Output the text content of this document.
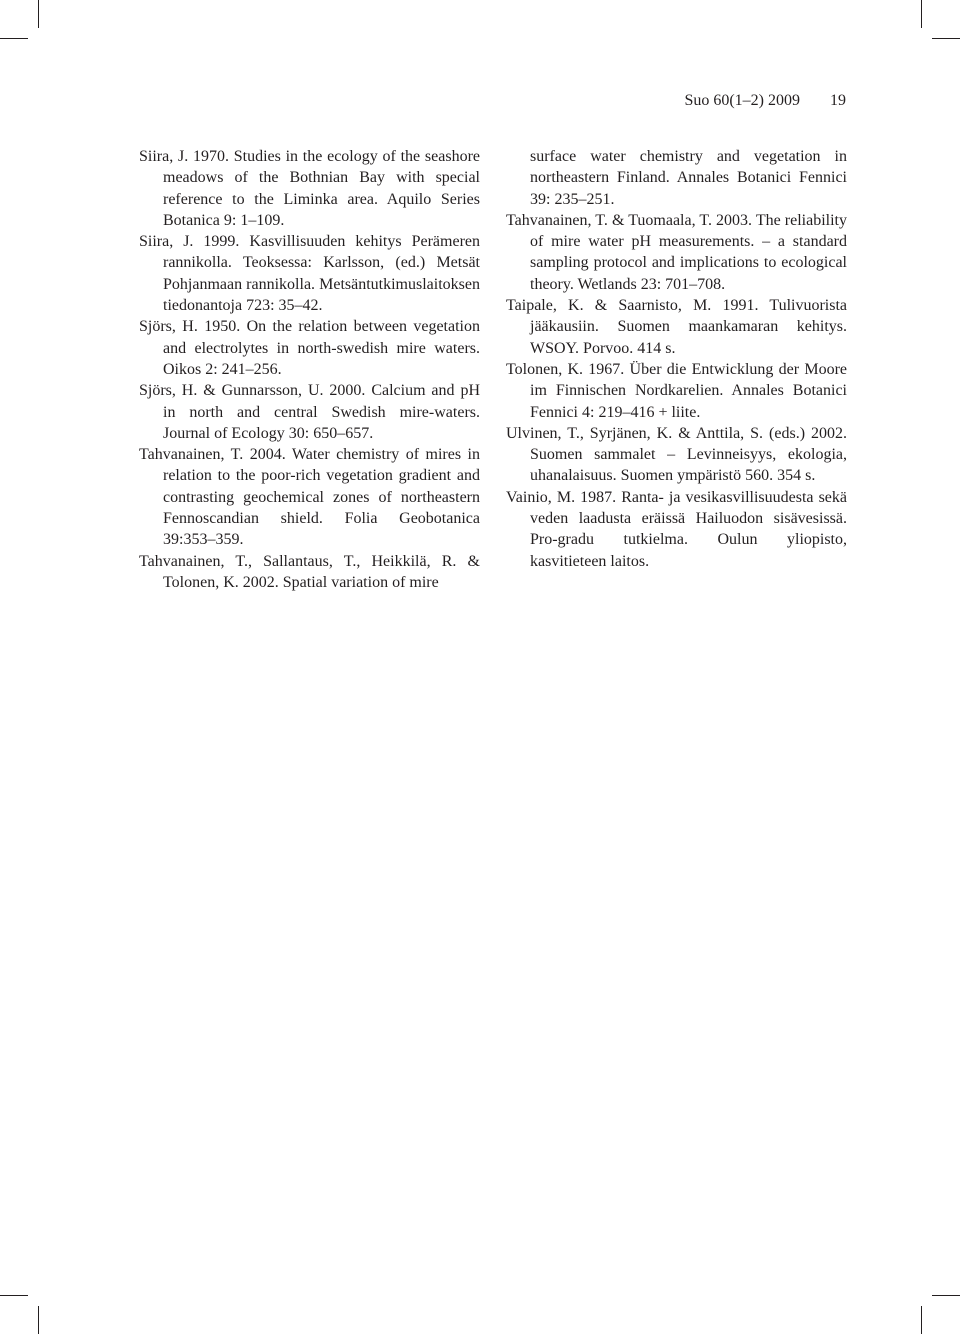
Suo 60(1–2) 2009 19

Siira, J. 1970. Studies in the ecology of the seashore meadows of the Bothnian Bay with special reference to the Liminka area. Aquilo Series Botanica 9: 1–109.

Siira, J. 1999. Kasvillisuuden kehitys Perämeren rannikolla. Teoksessa: Karlsson, (ed.) Metsät Pohjanmaan rannikolla. Metsäntutkimuslaitoksen tiedonantoja 723: 35–42.

Sjörs, H. 1950. On the relation between vegetation and electrolytes in north-swedish mire waters. Oikos 2: 241–256.

Sjörs, H. & Gunnarsson, U. 2000. Calcium and pH in north and central Swedish mire-waters. Journal of Ecology 30: 650–657.

Tahvanainen, T. 2004. Water chemistry of mires in relation to the poor-rich vegetation gradient and contrasting geochemical zones of northeastern Fennoscandian shield. Folia Geobotanica 39:353–359.

Tahvanainen, T., Sallantaus, T., Heikkilä, R. & Tolonen, K. 2002. Spatial variation of mire

surface water chemistry and vegetation in northeastern Finland. Annales Botanici Fennici 39: 235–251.

Tahvanainen, T. & Tuomaala, T. 2003. The reliability of mire water pH measurements. – a standard sampling protocol and implications to ecological theory. Wetlands 23: 701–708.

Taipale, K. & Saarnisto, M. 1991. Tulivuorista jääkausiin. Suomen maankamaran kehitys. WSOY. Porvoo. 414 s.

Tolonen, K. 1967. Über die Entwicklung der Moore im Finnischen Nordkarelien. Annales Botanici Fennici 4: 219–416 + liite.

Ulvinen, T., Syrjänen, K. & Anttila, S. (eds.) 2002. Suomen sammalet – Levinneisyys, ekologia, uhanalaisuus. Suomen ympäristö 560. 354 s.

Vainio, M. 1987. Ranta- ja vesikasvillisuudesta sekä veden laadusta eräissä Hailuodon sisävesissä. Pro-gradu tutkielma. Oulun yliopisto, kasvitieteen laitos.
